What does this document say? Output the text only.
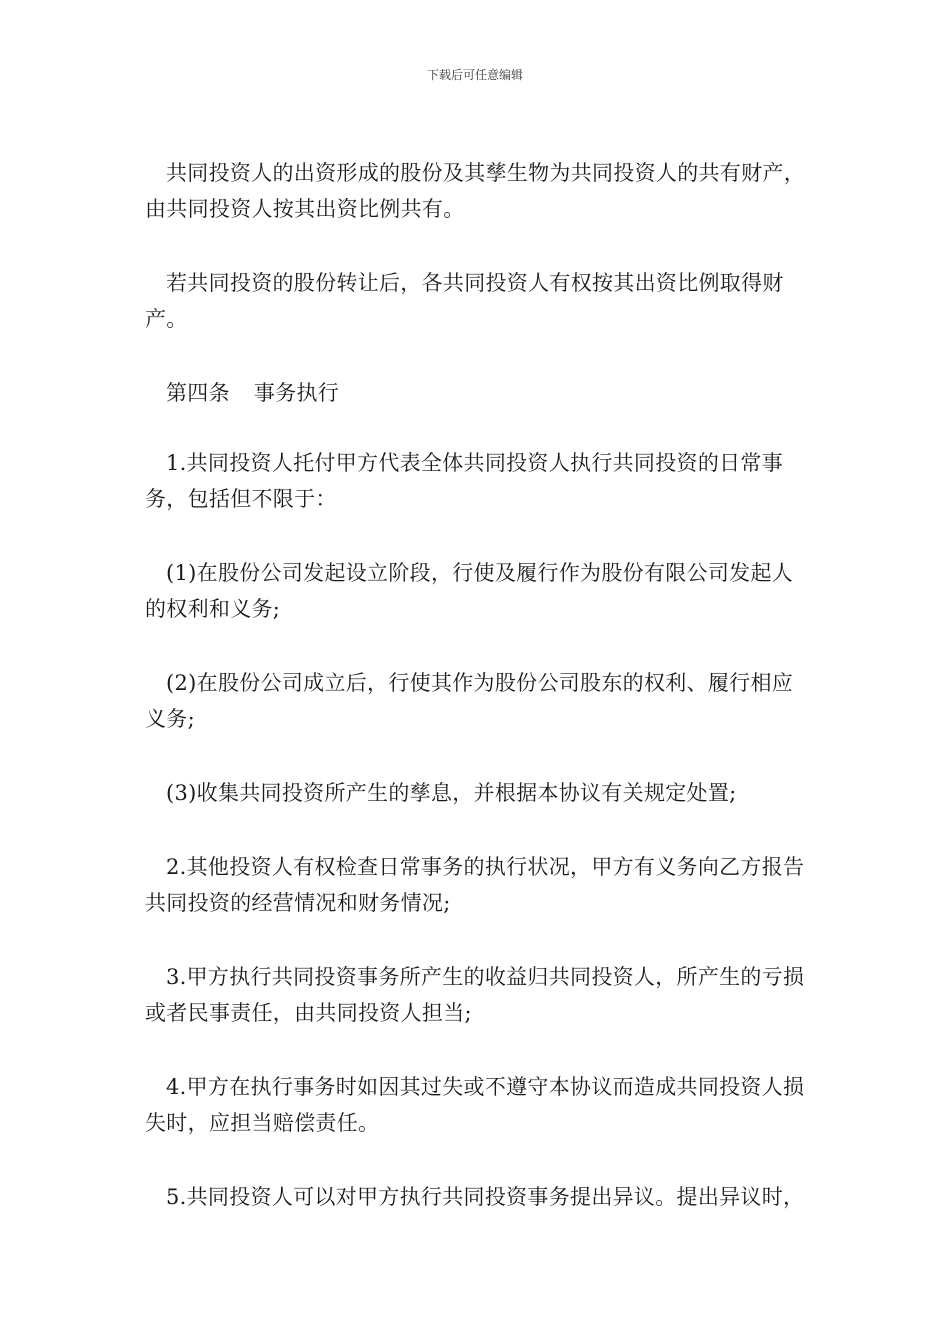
下载后可任意编辑

共同投资人的出资形成的股份及其孳生物为共同投资人的共有财产，由共同投资人按其出资比例共有。

若共同投资的股份转让后，各共同投资人有权按其出资比例取得财产。

第四条 事务执行

1.共同投资人托付甲方代表全体共同投资人执行共同投资的日常事务，包括但不限于：

(1)在股份公司发起设立阶段，行使及履行作为股份有限公司发起人的权利和义务;

(2)在股份公司成立后，行使其作为股份公司股东的权利、履行相应义务;

(3)收集共同投资所产生的孳息，并根据本协议有关规定处置;

2.其他投资人有权检查日常事务的执行状况，甲方有义务向乙方报告共同投资的经营情况和财务情况;

3.甲方执行共同投资事务所产生的收益归共同投资人，所产生的亏损或者民事责任，由共同投资人担当;

4.甲方在执行事务时如因其过失或不遵守本协议而造成共同投资人损失时，应担当赔偿责任。

5.共同投资人可以对甲方执行共同投资事务提出异议。提出异议时，
